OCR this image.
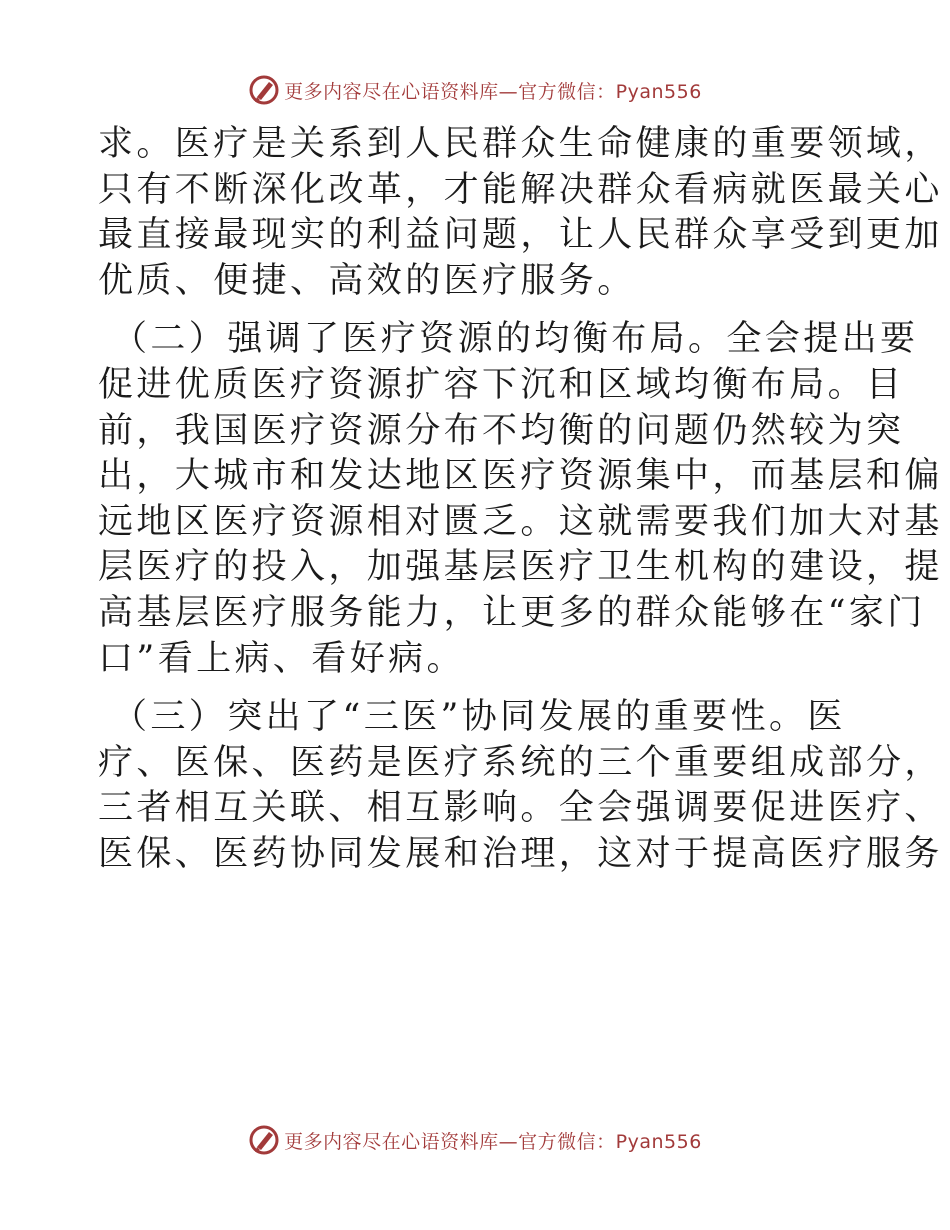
更多内容尽在心语资料库—官方微信：Pyan556

求。医疗是关系到人民群众生命健康的重要领域，
只有不断深化改革，才能解决群众看病就医最关心
最直接最现实的利益问题，让人民群众享受到更加
优质、便捷、高效的医疗服务。

（二）强调了医疗资源的均衡布局。全会提出要
促进优质医疗资源扩容下沉和区域均衡布局。目
前，我国医疗资源分布不均衡的问题仍然较为突
出，大城市和发达地区医疗资源集中，而基层和偏
远地区医疗资源相对匮乏。这就需要我们加大对基
层医疗的投入，加强基层医疗卫生机构的建设，提
高基层医疗服务能力，让更多的群众能够在“家门
口”看上病、看好病。

（三）突出了“三医”协同发展的重要性。医
疗、医保、医药是医疗系统的三个重要组成部分，
三者相互关联、相互影响。全会强调要促进医疗、
医保、医药协同发展和治理，这对于提高医疗服务

更多内容尽在心语资料库—官方微信：Pyan556
